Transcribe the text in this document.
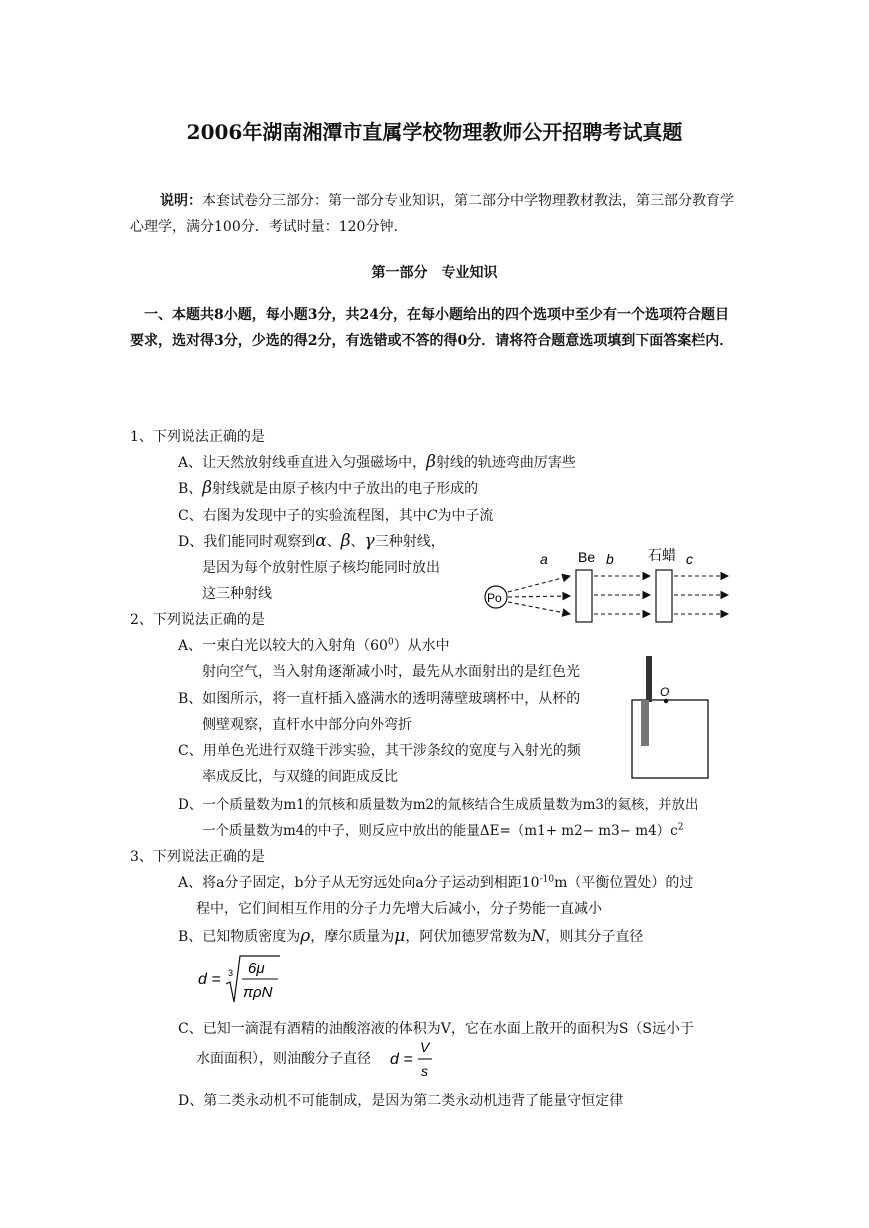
2006年湖南湘潭市直属学校物理教师公开招聘考试真题
说明：本套试卷分三部分：第一部分专业知识，第二部分中学物理教材教法，第三部分教育学心理学，满分100分．考试时量：120分钟．
第一部分　专业知识
一、本题共8小题，每小题3分，共24分，在每小题给出的四个选项中至少有一个选项符合题目要求，选对得3分，少选的得2分，有选错或不答的得0分．请将符合题意选项填到下面答案栏内．
1、下列说法正确的是
A、让天然放射线垂直进入匀强磁场中，β射线的轨迹弯曲厉害些
B、β射线就是由原子核内中子放出的电子形成的
C、右图为发现中子的实验流程图，其中C为中子流
D、我们能同时观察到α、β、γ三种射线，
是因为每个放射性原子核均能同时放出
这三种射线
a Be b 石蜡 c
Po
2、下列说法正确的是
A、一束白光以较大的入射角$(60^0)$从水中
射向空气，当入射角逐渐减小时，最先从水面射出的是红色光
B、如图所示，将一直杆插入盛满水的透明薄壁玻璃杯中，从杯的
侧壁观察，直杆水中部分向外弯折
C、用单色光进行双缝干涉实验，其干涉条纹的宽度与入射光的频
率成反比，与双缝的间距成反比
D、一个质量数为m1的氘核和质量数为m2的氚核结合生成质量数为m3的氦核，并放出
一个质量数为m4的中子，则反应中放出的能量$\Delta E=(m1+ m2- m3- m4)c^2$
O
3、下列说法正确的是
A、将a分子固定，b分子从无穷远处向a分子运动到相距$10^{-10}m$（平衡位置处）的过
程中，它们间相互作用的分子力先增大后减小，分子势能一直减小
B、已知物质密度为ρ，摩尔质量为μ，阿伏加德罗常数为N，则其分子直径
d = 3 6μ
πρN
C、已知一滴混有酒精的油酸溶液的体积为V，它在水面上散开的面积为S（S远小于
水面面积），则油酸分子直径 d =
V
s
D、第二类永动机不可能制成，是因为第二类永动机违背了能量守恒定律
